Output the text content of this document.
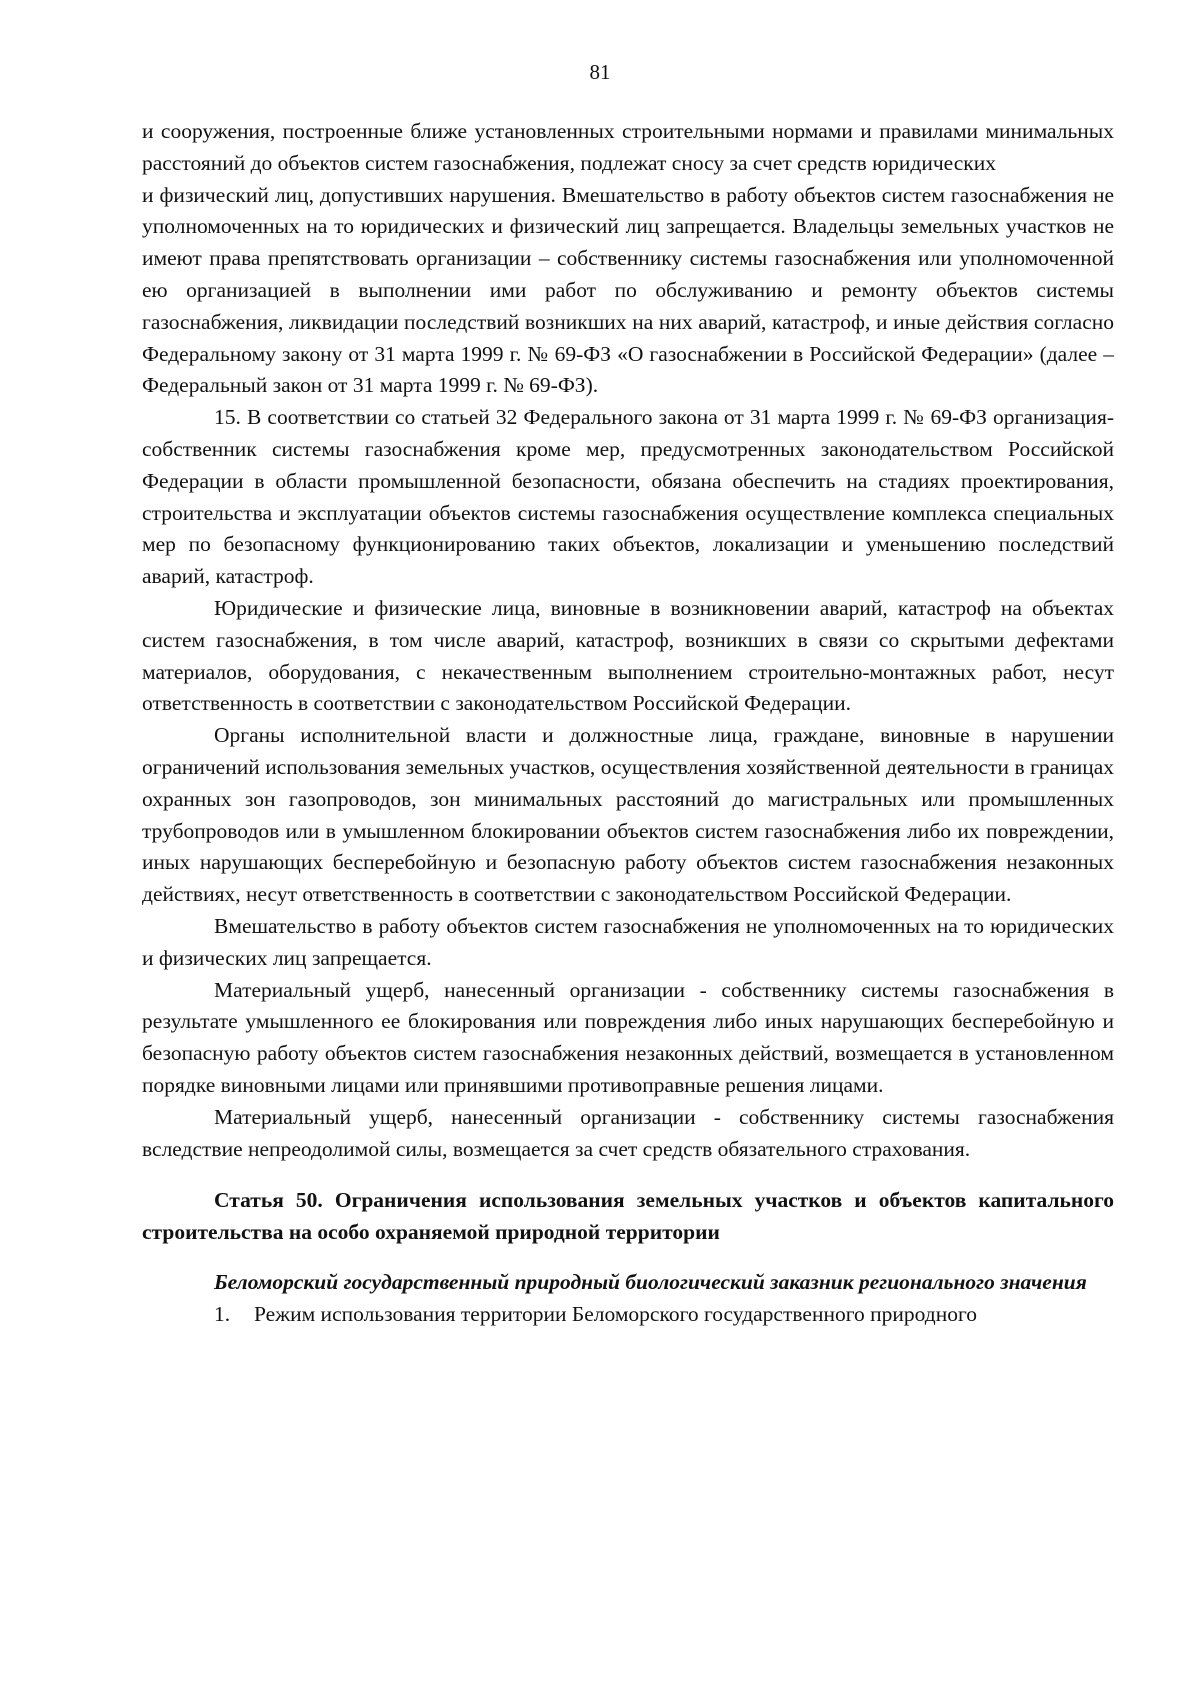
81

и сооружения, построенные ближе установленных строительными нормами и правилами минимальных расстояний до объектов систем газоснабжения, подлежат сносу за счет средств юридических

и физический лиц, допустивших нарушения. Вмешательство в работу объектов систем газоснабжения не уполномоченных на то юридических и физический лиц запрещается. Владельцы земельных участков не имеют права препятствовать организации – собственнику системы газоснабжения или уполномоченной ею организацией в выполнении ими работ по обслуживанию и ремонту объектов системы газоснабжения, ликвидации последствий возникших на них аварий, катастроф, и иные действия согласно Федеральному закону от 31 марта 1999 г. № 69-ФЗ «О газоснабжении в Российской Федерации» (далее – Федеральный закон от 31 марта 1999 г. № 69-ФЗ).

15. В соответствии со статьей 32 Федерального закона от 31 марта 1999 г. № 69-ФЗ организация-собственник системы газоснабжения кроме мер, предусмотренных законодательством Российской Федерации в области промышленной безопасности, обязана обеспечить на стадиях проектирования, строительства и эксплуатации объектов системы газоснабжения осуществление комплекса специальных мер по безопасному функционированию таких объектов, локализации и уменьшению последствий аварий, катастроф.

Юридические и физические лица, виновные в возникновении аварий, катастроф на объектах систем газоснабжения, в том числе аварий, катастроф, возникших в связи со скрытыми дефектами материалов, оборудования, с некачественным выполнением строительно-монтажных работ, несут ответственность в соответствии с законодательством Российской Федерации.

Органы исполнительной власти и должностные лица, граждане, виновные в нарушении ограничений использования земельных участков, осуществления хозяйственной деятельности в границах охранных зон газопроводов, зон минимальных расстояний до магистральных или промышленных трубопроводов или в умышленном блокировании объектов систем газоснабжения либо их повреждении, иных нарушающих бесперебойную и безопасную работу объектов систем газоснабжения незаконных действиях, несут ответственность в соответствии с законодательством Российской Федерации.

Вмешательство в работу объектов систем газоснабжения не уполномоченных на то юридических и физических лиц запрещается.

Материальный ущерб, нанесенный организации - собственнику системы газоснабжения в результате умышленного ее блокирования или повреждения либо иных нарушающих бесперебойную и безопасную работу объектов систем газоснабжения незаконных действий, возмещается в установленном порядке виновными лицами или принявшими противоправные решения лицами.

Материальный ущерб, нанесенный организации - собственнику системы газоснабжения вследствие непреодолимой силы, возмещается за счет средств обязательного страхования.

Статья 50. Ограничения использования земельных участков и объектов капитального строительства на особо охраняемой природной территории

Беломорский государственный природный биологический заказник регионального значения

1. Режим использования территории Беломорского государственного природного
